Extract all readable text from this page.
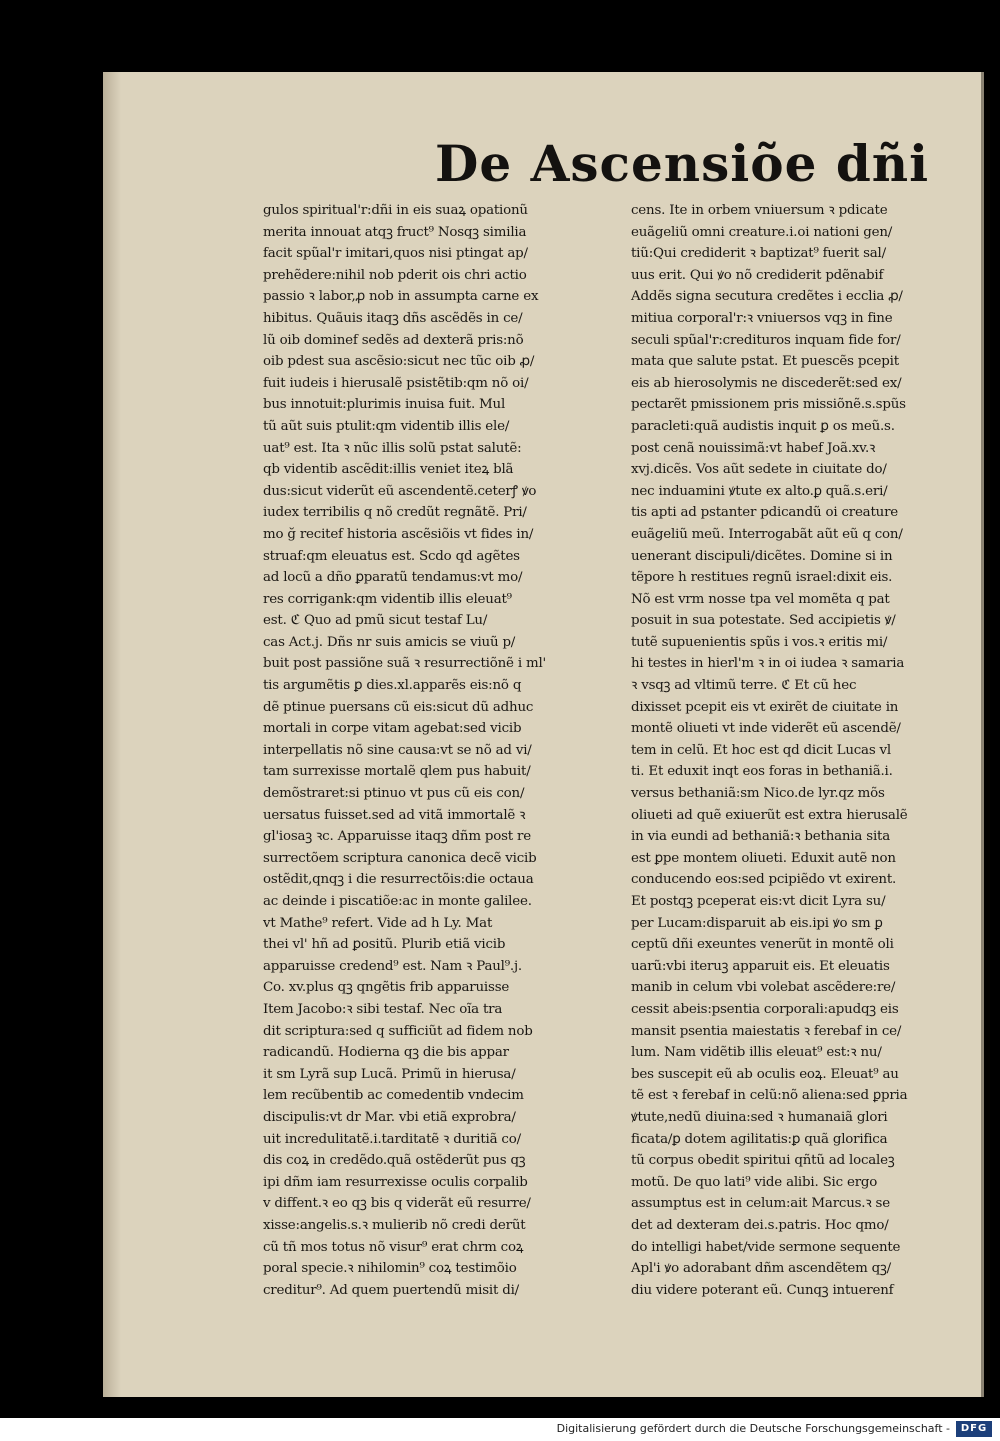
De Ascensiõe dñi
gulos spiritual'r:dñi in eis suaꝝ opationũ
merita innouat atqꝫ fruct⁹ Nosqꝫ similia
facit spũal'r imitari,quos nisi ptingat ap/
prehẽdere:nihil nob pderit ois chri actio
passio ꝛ labor,ꝓ nob in assumpta carne ex
hibitus. Quãuis itaqꝫ dñs ascẽdẽs in ce/
lũ oib dominef sedẽs ad dexterã pris:nõ
oib pdest sua ascẽsio:sicut nec tũc oib ꝓ/
fuit iudeis i hierusalẽ psistẽtib:qm nõ oi/
bus innotuit:plurimis inuisa fuit. Mul
tũ aũt suis ptulit:qm videntib illis ele/
uat⁹ est. Ita ꝛ nũc illis solũ pstat salutẽ:
qb videntib ascẽdit:illis veniet iteꝝ blã
dus:sicut viderũt eũ ascendentẽ.ceterꝭ ꝟo
iudex terribilis q nõ credũt regnãtẽ. Pri/
mo ğ recitef historia ascẽsiõis vt fides in/
struaf:qm eleuatus est. Scdo qd agẽtes
ad locũ a dño ꝑparatũ tendamus:vt mo/
res corrigank:qm videntib illis eleuat⁹
est. ℭ Quo ad pmũ sicut testaf Lu/
cas Act.j. Dñs nr suis amicis se viuũ p/
buit post passiõne suã ꝛ resurrectiõnẽ i ml'
tis argumẽtis ꝑ dies.xl.apparẽs eis:nõ q
dẽ ptinue puersans cũ eis:sicut dũ adhuc
mortali in corpe vitam agebat:sed vicib
interpellatis nõ sine causa:vt se nõ ad vi/
tam surrexisse mortalẽ qlem pus habuit/
demõstraret:si ptinuo vt pus cũ eis con/
uersatus fuisset.sed ad vitã immortalẽ ꝛ
gl'iosaꝫ ꝛc. Apparuisse itaqꝫ dñm post re
surrectõem scriptura canonica decẽ vicib
ostẽdit,qnqꝫ i die resurrectõis:die octaua
ac deinde i piscatiõe:ac in monte galilee.
vt Mathe⁹ refert. Vide ad h Ly. Mat
thei vl' hñ ad ꝑositũ. Plurib etiã vicib
apparuisse credend⁹ est. Nam ꝛ Paul⁹.j.
Co. xv.plus qꝫ qngẽtis frib apparuisse
Item Jacobo:ꝛ sibi testaf. Nec oĩa tra
dit scriptura:sed q sufficiũt ad fidem nob
radicandũ. Hodierna qꝫ die bis appar
it sm Lyrã sup Lucã. Primũ in hierusa/
lem recũbentib ac comedentib vndecim
discipulis:vt dr Mar. vbi etiã exprobra/
uit incredulitatẽ.i.tarditatẽ ꝛ duritiã co/
dis coꝝ in credẽdo.quã ostẽderũt pus qꝫ
ipi dñm iam resurrexisse oculis corpalib
v diffent.ꝛ eo qꝫ bis q viderãt eũ resurre/
xisse:angelis.s.ꝛ mulierib nõ credi derũt
cũ tñ mos totus nõ visur⁹ erat chrm coꝝ
poral specie.ꝛ nihilomin⁹ coꝝ testimõio
creditur⁹. Ad quem puertendũ misit di/
cens. Ite in orbem vniuersum ꝛ pdicate
euãgeliũ omni creature.i.oi nationi gen/
tiũ:Qui crediderit ꝛ baptizat⁹ fuerit sal/
uus erit. Qui ꝟo nõ crediderit pdẽnabif
Addẽs signa secutura credẽtes i ecclia ꝓ/
mitiua corporal'r:ꝛ vniuersos vqꝫ in fine
seculi spũal'r:credituros inquam fide for/
mata que salute pstat. Et puescẽs pcepit
eis ab hierosolymis ne discederẽt:sed ex/
pectarẽt pmissionem pris missiõnẽ.s.spũs
paracleti:quã audistis inquit ꝑ os meũ.s.
post cenã nouissimã:vt habef Joã.xv.ꝛ
xvj.dicẽs. Vos aũt sedete in ciuitate do/
nec induamini ꝟtute ex alto.ꝑ quã.s.eri/
tis apti ad pstanter pdicandũ oi creature
euãgeliũ meũ. Interrogabãt aũt eũ q con/
uenerant discipuli/dicẽtes. Domine si in
tẽpore h restitues regnũ israel:dixit eis.
Nõ est vrm nosse tpa vel momẽta q pat
posuit in sua potestate. Sed accipietis ꝟ/
tutẽ supuenientis spũs i vos.ꝛ eritis mi/
hi testes in hierl'm ꝛ in oi iudea ꝛ samaria
ꝛ vsqꝫ ad vltimũ terre. ℭ Et cũ hec
dixisset pcepit eis vt exirẽt de ciuitate in
montẽ oliueti vt inde viderẽt eũ ascendẽ/
tem in celũ. Et hoc est qd dicit Lucas vl
ti. Et eduxit inqt eos foras in bethaniã.i.
versus bethaniã:sm Nico.de lyr.qz mõs
oliueti ad quẽ exiuerũt est extra hierusalẽ
in via eundi ad bethaniã:ꝛ bethania sita
est ꝑpe montem oliueti. Eduxit autẽ non
conducendo eos:sed pcipiẽdo vt exirent.
Et postqꝫ pceperat eis:vt dicit Lyra su/
per Lucam:disparuit ab eis.ipi ꝟo sm ꝑ
ceptũ dñi exeuntes venerũt in montẽ oli
uarũ:vbi iteruꝫ apparuit eis. Et eleuatis
manib in celum vbi volebat ascẽdere:re/
cessit abeis:psentia corporali:apudqꝫ eis
mansit psentia maiestatis ꝛ ferebaf in ce/
lum. Nam vidẽtib illis eleuat⁹ est:ꝛ nu/
bes suscepit eũ ab oculis eoꝝ. Eleuat⁹ au
tẽ est ꝛ ferebaf in celũ:nõ aliena:sed ꝑpria
ꝟtute,nedũ diuina:sed ꝛ humanaiã glori
ficata/ꝑ dotem agilitatis:ꝑ quã glorifica
tũ corpus obedit spiritui qñtũ ad localeꝫ
motũ. De quo lati⁹ vide alibi. Sic ergo
assumptus est in celum:ait Marcus.ꝛ se
det ad dexteram dei.s.patris. Hoc qmo/
do intelligi habet/vide sermone sequente
Apl'i ꝟo adorabant dñm ascendẽtem qꝫ/
diu videre poterant eũ. Cunqꝫ intuerenf
Digitalisierung gefördert durch die Deutsche Forschungsgemeinschaft -	DFG
